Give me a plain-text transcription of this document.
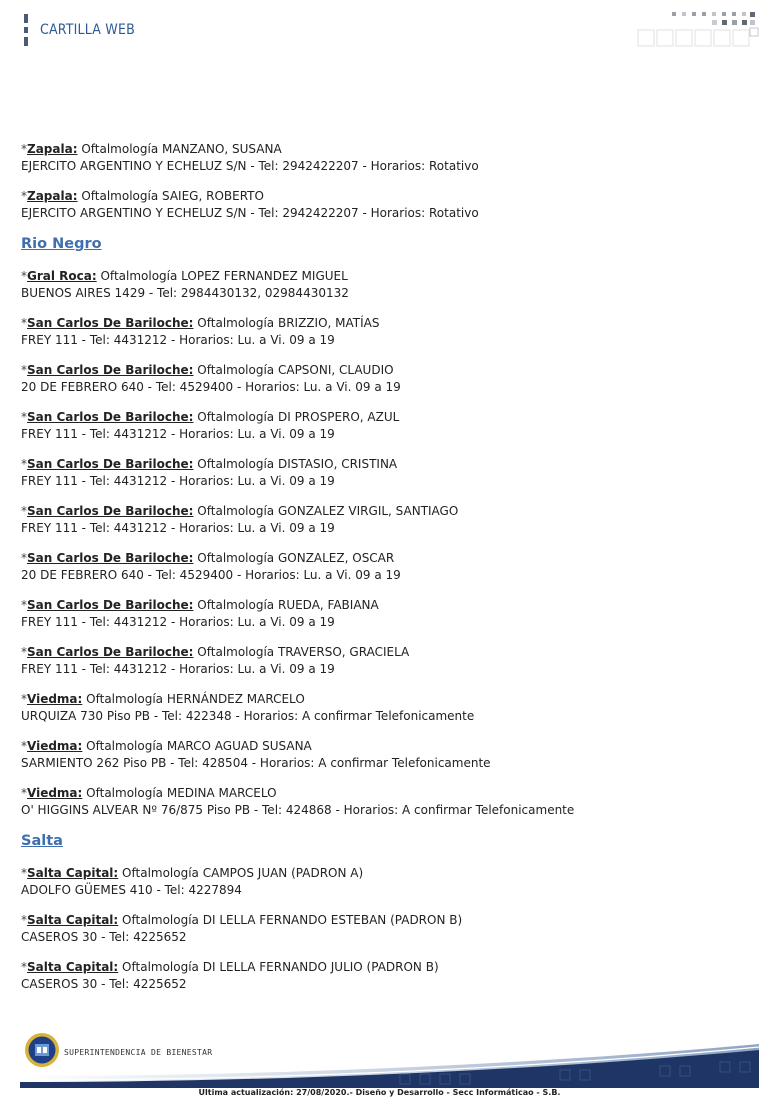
CARTILLA WEB
*Zapala: Oftalmología MANZANO, SUSANA
EJERCITO ARGENTINO Y ECHELUZ S/N - Tel: 2942422207 - Horarios: Rotativo
*Zapala: Oftalmología SAIEG, ROBERTO
EJERCITO ARGENTINO Y ECHELUZ S/N - Tel: 2942422207 - Horarios: Rotativo
Rio Negro
*Gral Roca: Oftalmología LOPEZ FERNANDEZ MIGUEL
BUENOS AIRES 1429 - Tel: 2984430132, 02984430132
*San Carlos De Bariloche: Oftalmología BRIZZIO, MATÍAS
FREY 111 - Tel: 4431212 - Horarios: Lu. a Vi. 09 a 19
*San Carlos De Bariloche: Oftalmología CAPSONI, CLAUDIO
20 DE FEBRERO 640 - Tel: 4529400 - Horarios: Lu. a Vi. 09 a 19
*San Carlos De Bariloche: Oftalmología DI PROSPERO, AZUL
FREY 111 - Tel: 4431212 - Horarios: Lu. a Vi. 09 a 19
*San Carlos De Bariloche: Oftalmología DISTASIO, CRISTINA
FREY 111 - Tel: 4431212 - Horarios: Lu. a Vi. 09 a 19
*San Carlos De Bariloche: Oftalmología GONZALEZ VIRGIL, SANTIAGO
FREY 111 - Tel: 4431212 - Horarios: Lu. a Vi. 09 a 19
*San Carlos De Bariloche: Oftalmología GONZALEZ, OSCAR
20 DE FEBRERO 640 - Tel: 4529400 - Horarios: Lu. a Vi. 09 a 19
*San Carlos De Bariloche: Oftalmología RUEDA, FABIANA
FREY 111 - Tel: 4431212 - Horarios: Lu. a Vi. 09 a 19
*San Carlos De Bariloche: Oftalmología TRAVERSO, GRACIELA
FREY 111 - Tel: 4431212 - Horarios: Lu. a Vi. 09 a 19
*Viedma: Oftalmología HERNÁNDEZ MARCELO
URQUIZA 730 Piso PB - Tel: 422348 - Horarios: A confirmar Telefonicamente
*Viedma: Oftalmología MARCO AGUAD SUSANA
SARMIENTO 262 Piso PB - Tel: 428504 - Horarios: A confirmar Telefonicamente
*Viedma: Oftalmología MEDINA MARCELO
O' HIGGINS ALVEAR Nº 76/875 Piso PB - Tel: 424868 - Horarios: A confirmar Telefonicamente
Salta
*Salta Capital: Oftalmología CAMPOS JUAN (PADRON A)
ADOLFO GÜEMES 410 - Tel: 4227894
*Salta Capital: Oftalmología DI LELLA FERNANDO ESTEBAN (PADRON B)
CASEROS 30 - Tel: 4225652
*Salta Capital: Oftalmología DI LELLA FERNANDO JULIO (PADRON B)
CASEROS 30 - Tel: 4225652
SUPERINTENDENCIA DE BIENESTAR
Ultima actualización: 27/08/2020.- Diseño y Desarrollo - Secc Informáticao - S.B.
